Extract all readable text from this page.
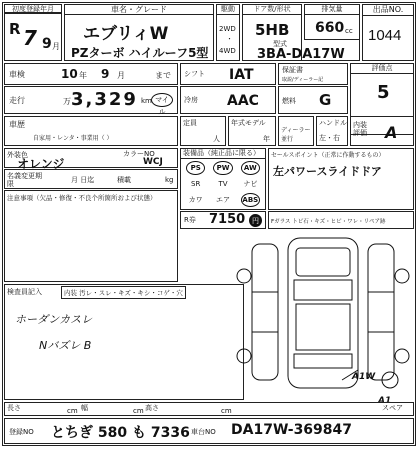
初度登録年月
R 7 9 月
車名・グレード
エブリィW
PZターボ ハイルーフ5型
駆動
2WD
・
4WD
ドア数/形状
5HB
排気量
660 cc
型式
3BA-DA17W
出品NO.
1044
車検	10 年 9 月	まで
走行	万 3,329 km マイル
シフト IAT
冷房 AAC
保証書
取説/ディーラー記
燃料 G
評価点
5
車歴
自家用・レンタ・事業用（ ）
定員
人
年式モデル
年
ディーラー並行
ハンドル
左・右
内装評価	A
外装色
オレンジ
カラーNO
WCJ
名義変更期限	月 日迄	積載	kg
装備品（純正品に限る）
PS	PW	AW
SR	TV	ナビ
カワ	エア	ABS
R券 7150 円
セールスポイント（正常に作動するもの）
左パワースライドドア
注意事項（欠品・修復・不良个所箇所および状態）
Fガラス トビ石・キズ・ヒビ・ワレ・リペア跡
検査員記入	内装 汚レ・スレ・キズ・キシ・コゲ・穴
ホーダンカスレ
Nバズレ B
A1W
A1
スペア
長さ	cm 幅	cm 高さ	cm
登録NO とちぎ 580 も 7336 車台NO DA17W-369847
